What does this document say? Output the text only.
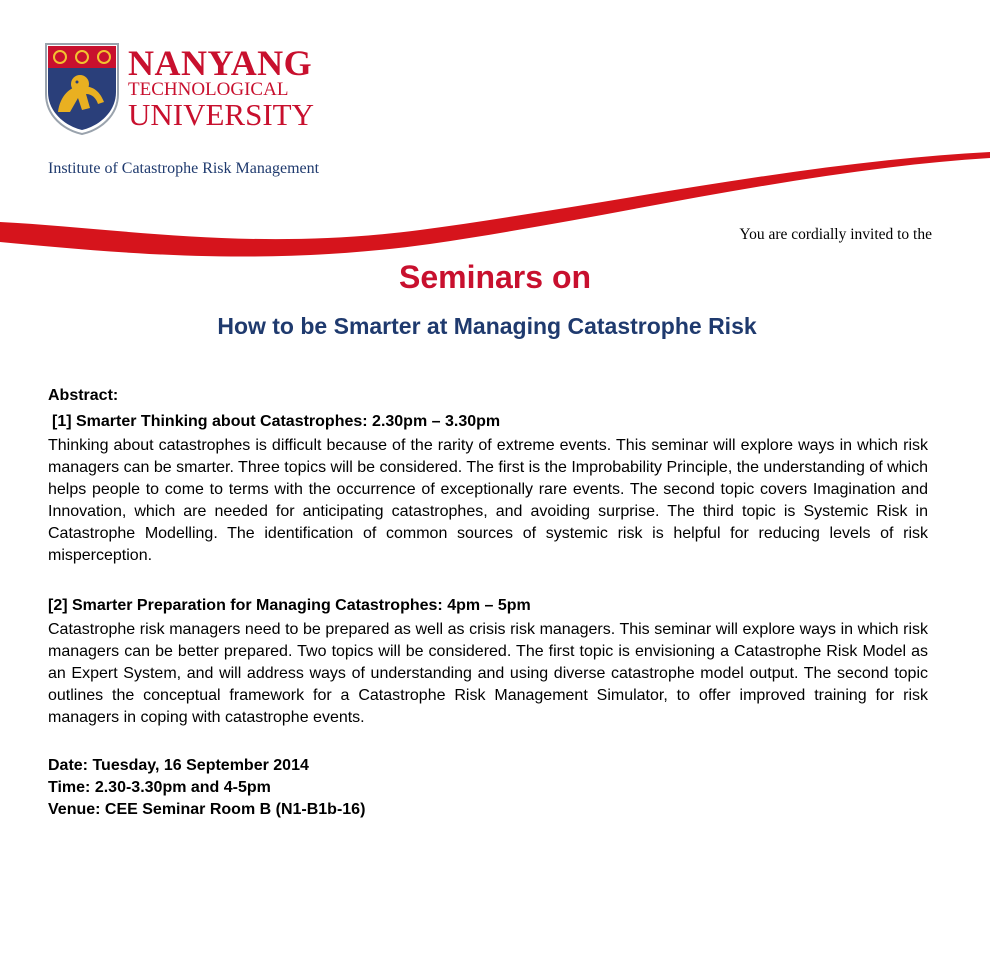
NANYANG
TECHNOLOGICAL
UNIVERSITY
Institute of Catastrophe Risk Management
You are cordially invited to the
Seminars on
How to be Smarter at Managing Catastrophe Risk

Abstract:

[1] Smarter Thinking about Catastrophes: 2.30pm – 3.30pm

Thinking about catastrophes is difficult because of the rarity of extreme events. This seminar will explore ways in which risk managers can be smarter. Three topics will be considered. The first is the Improbability Principle, the understanding of which helps people to come to terms with the occurrence of exceptionally rare events. The second topic covers Imagination and Innovation, which are needed for anticipating catastrophes, and avoiding surprise. The third topic is Systemic Risk in Catastrophe Modelling. The identification of common sources of systemic risk is helpful for reducing levels of risk misperception.

[2] Smarter Preparation for Managing Catastrophes: 4pm – 5pm

Catastrophe risk managers need to be prepared as well as crisis risk managers. This seminar will explore ways in which risk managers can be better prepared. Two topics will be considered. The first topic is envisioning a Catastrophe Risk Model as an Expert System, and will address ways of understanding and using diverse catastrophe model output. The second topic outlines the conceptual framework for a Catastrophe Risk Management Simulator, to offer improved training for risk managers in coping with catastrophe events.

Date: Tuesday, 16 September 2014

Time: 2.30-3.30pm and 4-5pm

Venue: CEE Seminar Room B (N1-B1b-16)
